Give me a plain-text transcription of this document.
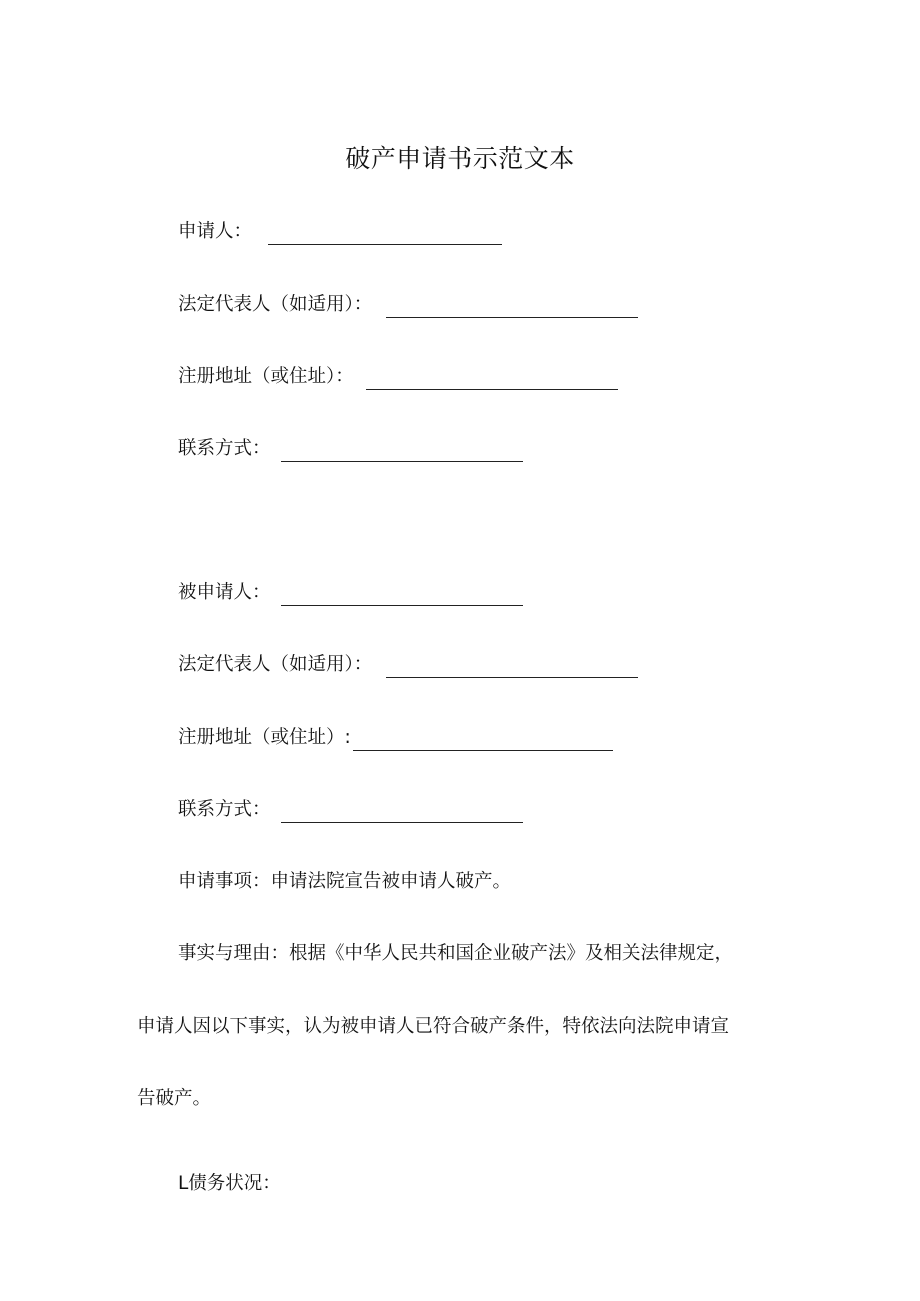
破产申请书示范文本
申请人：
法定代表人（如适用）：
注册地址（或住址）：
联系方式：
被申请人：
法定代表人（如适用）：
注册地址（或住址）:
联系方式：
申请事项：申请法院宣告被申请人破产。
事实与理由：根据《中华人民共和国企业破产法》及相关法律规定，
申请人因以下事实，认为被申请人已符合破产条件，特依法向法院申请宣
告破产。
L债务状况：
